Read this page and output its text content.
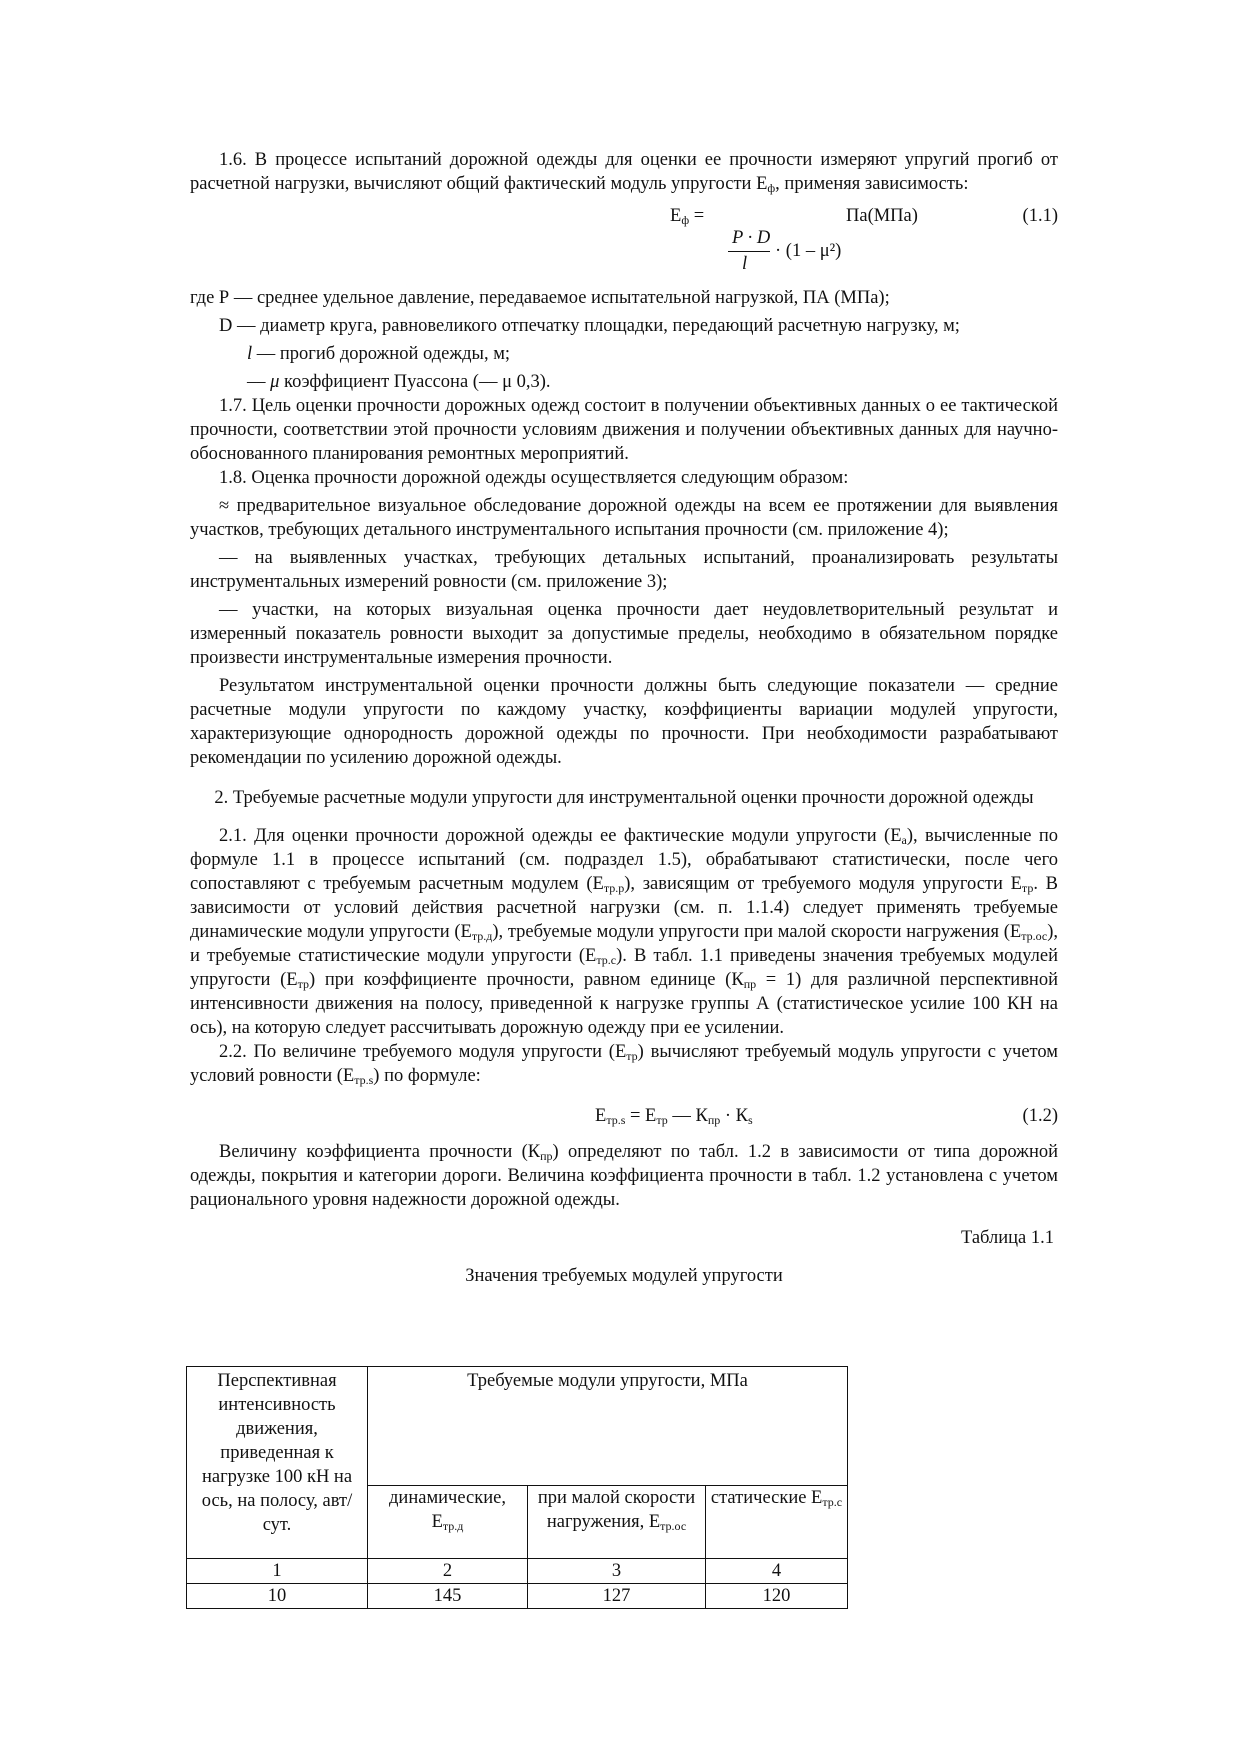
1.6. В процессе испытаний дорожной одежды для оценки ее прочности измеряют упругий прогиб от расчетной нагрузки, вычисляют общий фактический модуль упругости $Е_ф$, применяя зависимость:

$Е_ф$ =	Па(МПа)	(1.1)
P · D
l
· (1 – μ²)

где Р –– среднее удельное давление, передаваемое испытательной нагрузкой, ПА (МПа);

D –– диаметр круга, равновеликого отпечатку площадки, передающий расчетную нагрузку, м;

l –– прогиб дорожной одежды, м;

–– μ коэффициент Пуассона (–– μ 0,3).

1.7. Цель оценки прочности дорожных одежд состоит в получении объективных данных о ее тактической прочности, соответствии этой прочности условиям движения и получении объективных данных для научно-обоснованного планирования ремонтных мероприятий.

1.8. Оценка прочности дорожной одежды осуществляется следующим образом:

≈ предварительное визуальное обследование дорожной одежды на всем ее протяжении для выявления участков, требующих детального инструментального испытания прочности (см. приложение 4);

–– на выявленных участках, требующих детальных испытаний, проанализировать результаты инструментальных измерений ровности (см. приложение 3);

–– участки, на которых визуальная оценка прочности дает неудовлетворительный результат и измеренный показатель ровности выходит за допустимые пределы, необходимо в обязательном порядке произвести инструментальные измерения прочности.

Результатом инструментальной оценки прочности должны быть следующие показатели –– средние расчетные модули упругости по каждому участку, коэффициенты вариации модулей упругости, характеризующие однородность дорожной одежды по прочности. При необходимости разрабатывают рекомендации по усилению дорожной одежды.

2. Требуемые расчетные модули упругости для инструментальной оценки прочности дорожной одежды

2.1. Для оценки прочности дорожной одежды ее фактические модули упругости $(Е_а)$, вычисленные по формуле 1.1 в процессе испытаний (см. подраздел 1.5), обрабатывают статистически, после чего сопоставляют с требуемым расчетным модулем $(Е_{тр.р})$, зависящим от требуемого модуля упругости $Е_{тр}$. В зависимости от условий действия расчетной нагрузки (см. п. 1.1.4) следует применять требуемые динамические модули упругости $(Е_{тр.д})$, требуемые модули упругости при малой скорости нагружения $(Е_{тр.ос})$, и требуемые статистические модули упругости $(Е_{тр.с})$. В табл. 1.1 приведены значения требуемых модулей упругости $(Е_{тр})$ при коэффициенте прочности, равном единице $(К_{пр} = 1)$ для различной перспективной интенсивности движения на полосу, приведенной к нагрузке группы А (статистическое усилие 100 КН на ось), на которую следует рассчитывать дорожную одежду при ее усилении.

2.2. По величине требуемого модуля упругости $(Е_{тр})$ вычисляют требуемый модуль упругости с учетом условий ровности $(Е_{тр.s})$ по формуле:

$Е_{тр.s} = Е_{тр} -- К_{пр} \cdot К_s$	(1.2)

Величину коэффициента прочности $(К_{пр})$ определяют по табл. 1.2 в зависимости от типа дорожной одежды, покрытия и категории дороги. Величина коэффициента прочности в табл. 1.2 установлена с учетом рационального уровня надежности дорожной одежды.

Таблица 1.1

Значения требуемых модулей упругости

Перспективная интенсивность движения, приведенная к нагрузке 100 кН на ось, на полосу, авт/сут.	Требуемые модули упругости, МПа		
	динамические, $Е_{тр.д}$	при малой скорости нагружения, $Е_{тр.ос}$	статические $Е_{тр.с}$
1	2	3	4
10	145	127	120
